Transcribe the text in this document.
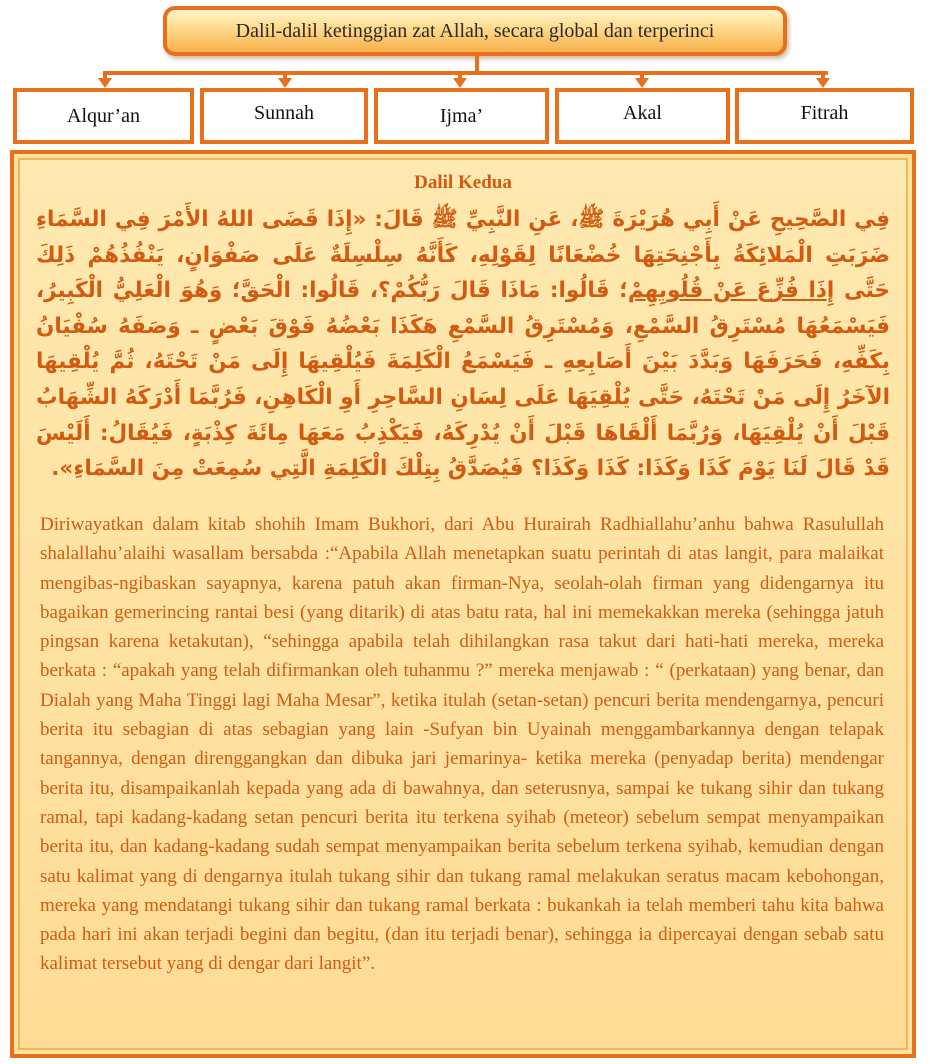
Dalil-dalil ketinggian zat Allah, secara global dan terperinci
Alqur’an	Sunnah	Ijma’	Akal	Fitrah
Dalil Kedua
فِي الصَّحِيحِ عَنْ أَبِي هُرَيْرَةَ ﷺ، عَنِ النَّبِيِّ ﷺ قَالَ: «إِذَا قَضَى اللهُ الأَمْرَ فِي السَّمَاءِ ضَرَبَتِ الْمَلائِكَةُ بِأَجْنِحَتِهَا خُضْعَانًا لِقَوْلِهِ، كَأَنَّهُ سِلْسِلَةٌ عَلَى صَفْوَانٍ، يَنْفُذُهُمْ ذَلِكَ حَتَّى إِذَا فُزِّعَ عَنْ قُلُوبِهِمْ؛ قَالُوا: مَاذَا قَالَ رَبُّكُمْ؟، قَالُوا: الْحَقَّ؛ وَهُوَ الْعَلِيُّ الْكَبِيرُ، فَيَسْمَعُهَا مُسْتَرِقُ السَّمْعِ، وَمُسْتَرِقُ السَّمْعِ هَكَذَا بَعْضُهُ فَوْقَ بَعْضٍ ـ وَصَفَهُ سُفْيَانُ بِكَفِّهِ، فَحَرَفَهَا وَبَدَّدَ بَيْنَ أَصَابِعِهِ ـ فَيَسْمَعُ الْكَلِمَةَ فَيُلْقِيهَا إِلَى مَنْ تَحْتَهُ، ثُمَّ يُلْقِيهَا الآخَرُ إِلَى مَنْ تَحْتَهُ، حَتَّى يُلْقِيَهَا عَلَى لِسَانِ السَّاحِرِ أَوِ الْكَاهِنِ، فَرُبَّمَا أَدْرَكَهُ الشِّهَابُ قَبْلَ أَنْ يُلْقِيَهَا، وَرُبَّمَا أَلْقَاهَا قَبْلَ أَنْ يُدْرِكَهُ، فَيَكْذِبُ مَعَهَا مِائَةَ كِذْبَةٍ، فَيُقَالُ: أَلَيْسَ قَدْ قَالَ لَنَا يَوْمَ كَذَا وَكَذَا: كَذَا وَكَذَا؟ فَيُصَدَّقُ بِتِلْكَ الْكَلِمَةِ الَّتِي سُمِعَتْ مِنَ السَّمَاءِ».
Diriwayatkan dalam kitab shohih Imam Bukhori, dari Abu Hurairah Radhiallahu’anhu bahwa Rasulullah shalallahu’alaihi wasallam bersabda :“Apabila Allah menetapkan suatu perintah di atas langit, para malaikat mengibas-ngibaskan sayapnya, karena patuh akan firman-Nya, seolah-olah firman yang didengarnya itu bagaikan gemerincing rantai besi (yang ditarik) di atas batu rata, hal ini memekakkan mereka (sehingga jatuh pingsan karena ketakutan), “sehingga apabila telah dihilangkan rasa takut dari hati-hati mereka, mereka berkata : “apakah yang telah difirmankan oleh tuhanmu ?” mereka menjawab : “ (perkataan) yang benar, dan Dialah yang Maha Tinggi lagi Maha Mesar”, ketika itulah (setan-setan) pencuri berita mendengarnya, pencuri berita itu sebagian di atas sebagian yang lain -Sufyan bin Uyainah menggambarkannya dengan telapak tangannya, dengan direnggangkan dan dibuka jari jemarinya- ketika mereka (penyadap berita) mendengar berita itu, disampaikanlah kepada yang ada di bawahnya, dan seterusnya, sampai ke tukang sihir dan tukang ramal, tapi kadang-kadang setan pencuri berita itu terkena syihab (meteor) sebelum sempat menyampaikan berita itu, dan kadang-kadang sudah sempat menyampaikan berita sebelum terkena syihab, kemudian dengan satu kalimat yang di dengarnya itulah tukang sihir dan tukang ramal melakukan seratus macam kebohongan, mereka yang mendatangi tukang sihir dan tukang ramal berkata : bukankah ia telah memberi tahu kita bahwa pada hari ini akan terjadi begini dan begitu, (dan itu terjadi benar), sehingga ia dipercayai dengan sebab satu kalimat tersebut yang di dengar dari langit”.
